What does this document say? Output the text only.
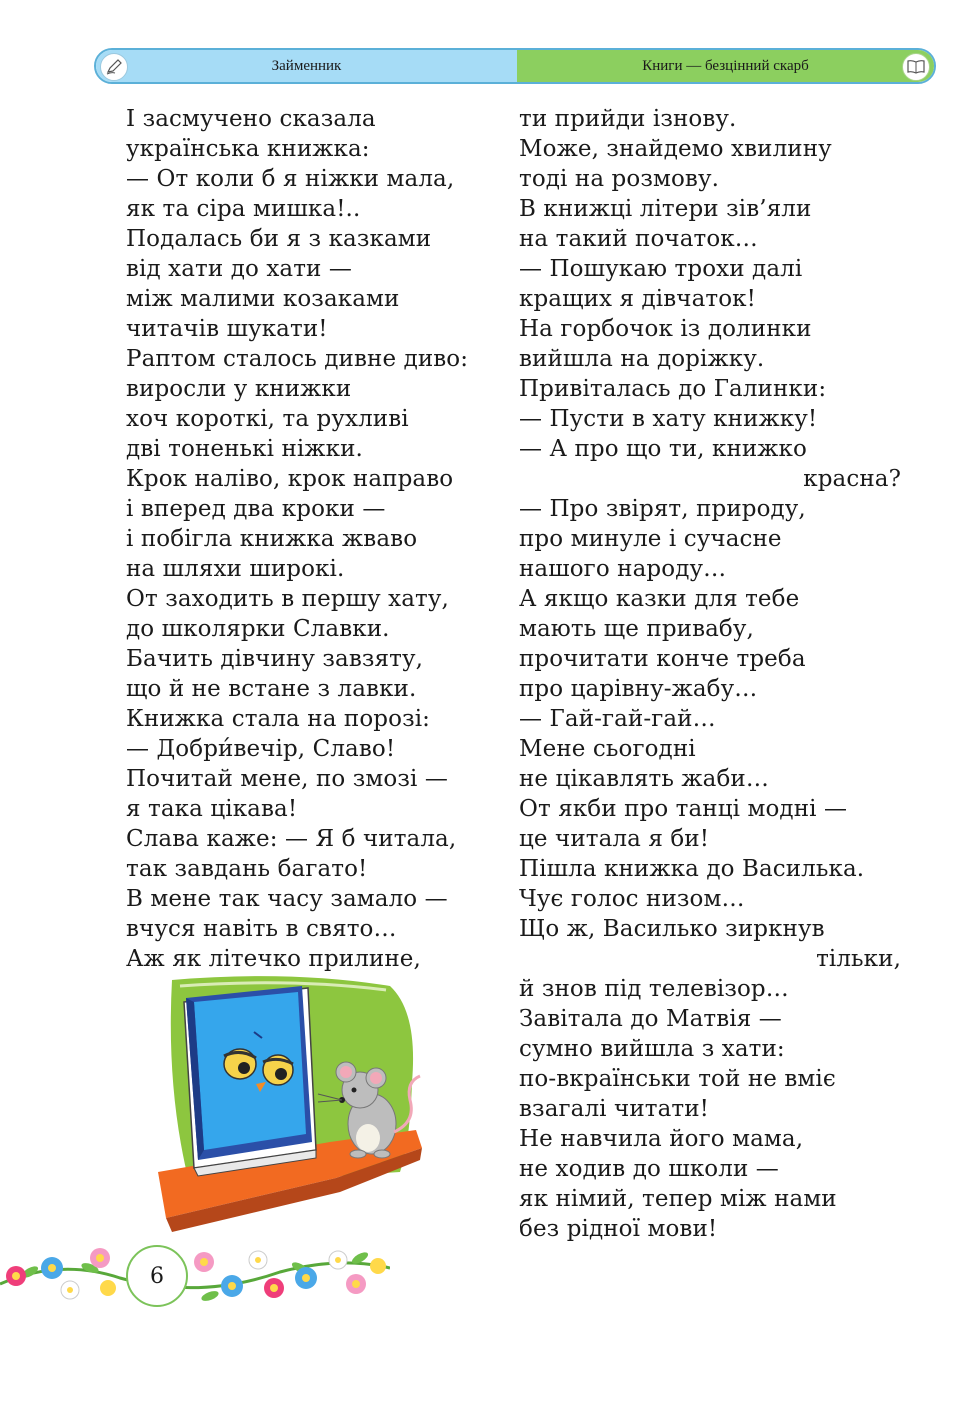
Займенник	Книги — безцінний скарб
І засмучено сказала
українська книжка:
— От коли б я ніжки мала,
як та сіра мишка!..
Подалась би я з казками
від хати до хати —
між малими козаками
читачів шукати!
Раптом сталось дивне диво:
виросли у книжки
хоч короткі, та рухливі
дві тоненькі ніжки.
Крок наліво, крок направо
і вперед два кроки —
і побігла книжка жваво
на шляхи широкі.
От заходить в першу хату,
до школярки Славки.
Бачить дівчину завзяту,
що й не встане з лавки.
Книжка стала на порозі:
— Добри́вечір, Славо!
Почитай мене, по змозі —
я така цікава!
Слава каже: — Я б читала,
так завдань багато!
В мене так часу замало —
вчуся навіть в свято…
Аж як літечко прилине,
ти прийди ізнову.
Може, знайдемо хвилину
тоді на розмову.
В книжці літери зів’яли
на такий початок…
— Пошукаю трохи далі
кращих я дівчаток!
На горбочок із долинки
вийшла на доріжку.
Привіталась до Галинки:
— Пусти в хату книжку!
— А про що ти, книжко
красна?
— Про звірят, природу,
про минуле і сучасне
нашого народу…
А якщо казки для тебе
мають ще привабу,
прочитати конче треба
про царівну-жабу…
— Гай-гай-гай…
Мене сьогодні
не цікавлять жаби…
От якби про танці модні —
це читала я би!
Пішла книжка до Василька.
Чує голос низом…
Що ж, Василько зиркнув
тільки,
й знов під телевізор…
Завітала до Матвія —
сумно вийшла з хати:
по-вкраїнськи той не вміє
взагалі читати!
Не навчила його мама,
не ходив до школи —
як німий, тепер між нами
без рідної мови!
6
